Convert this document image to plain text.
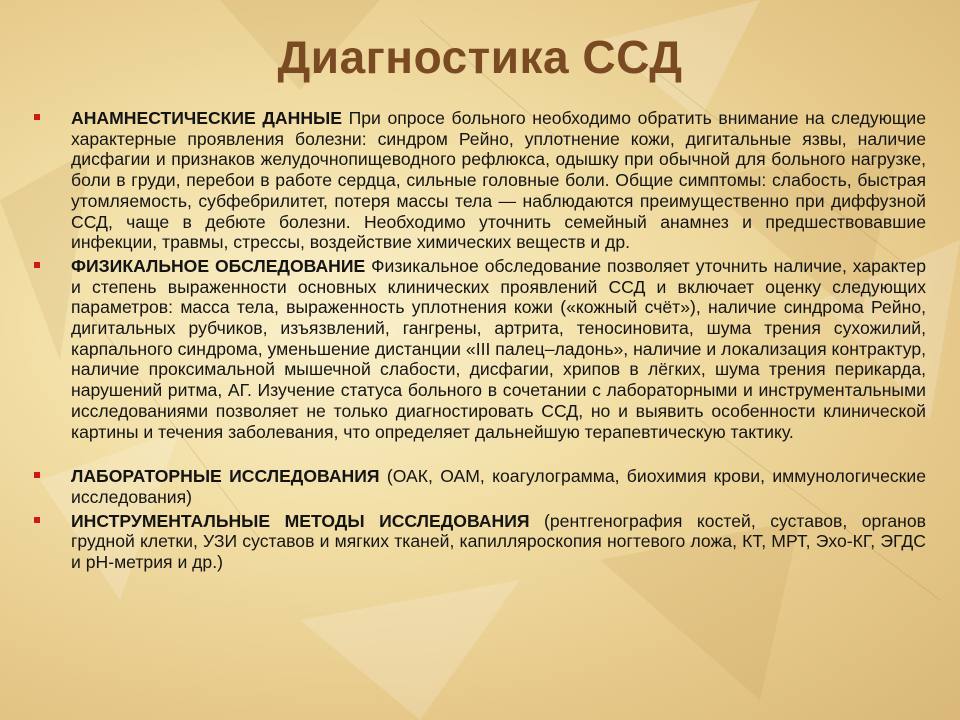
Диагностика ССД
АНАМНЕСТИЧЕСКИЕ ДАННЫЕ При опросе больного необходимо обратить внимание на следующие характерные проявления болезни: синдром Рейно, уплотнение кожи, дигитальные язвы, наличие дисфагии и признаков желудочнопищеводного рефлюкса, одышку при обычной для больного нагрузке, боли в груди, перебои в работе сердца, сильные головные боли. Общие симптомы: слабость, быстрая утомляемость, субфебрилитет, потеря массы тела — наблюдаются преимущественно при диффузной ССД, чаще в дебюте болезни. Необходимо уточнить семейный анамнез и предшествовавшие инфекции, травмы, стрессы, воздействие химических веществ и др.
ФИЗИКАЛЬНОЕ ОБСЛЕДОВАНИЕ Физикальное обследование позволяет уточнить наличие, характер и степень выраженности основных клинических проявлений ССД и включает оценку следующих параметров: масса тела, выраженность уплотнения кожи («кожный счёт»), наличие синдрома Рейно, дигитальных рубчиков, изъязвлений, гангрены, артрита, теносиновита, шума трения сухожилий, карпального синдрома, уменьшение дистанции «III палец–ладонь», наличие и локализация контрактур, наличие проксимальной мышечной слабости, дисфагии, хрипов в лёгких, шума трения перикарда, нарушений ритма, АГ. Изучение статуса больного в сочетании с лабораторными и инструментальными исследованиями позволяет не только диагностировать ССД, но и выявить особенности клинической картины и течения заболевания, что определяет дальнейшую терапевтическую тактику.
ЛАБОРАТОРНЫЕ ИССЛЕДОВАНИЯ (ОАК, ОАМ, коагулограмма, биохимия крови, иммунологические исследования)
ИНСТРУМЕНТАЛЬНЫЕ МЕТОДЫ ИССЛЕДОВАНИЯ (рентгенография костей, суставов, органов грудной клетки, УЗИ суставов и мягких тканей, капилляроскопия ногтевого ложа, КТ, МРТ, Эхо-КГ, ЭГДС и рН-метрия и др.)
